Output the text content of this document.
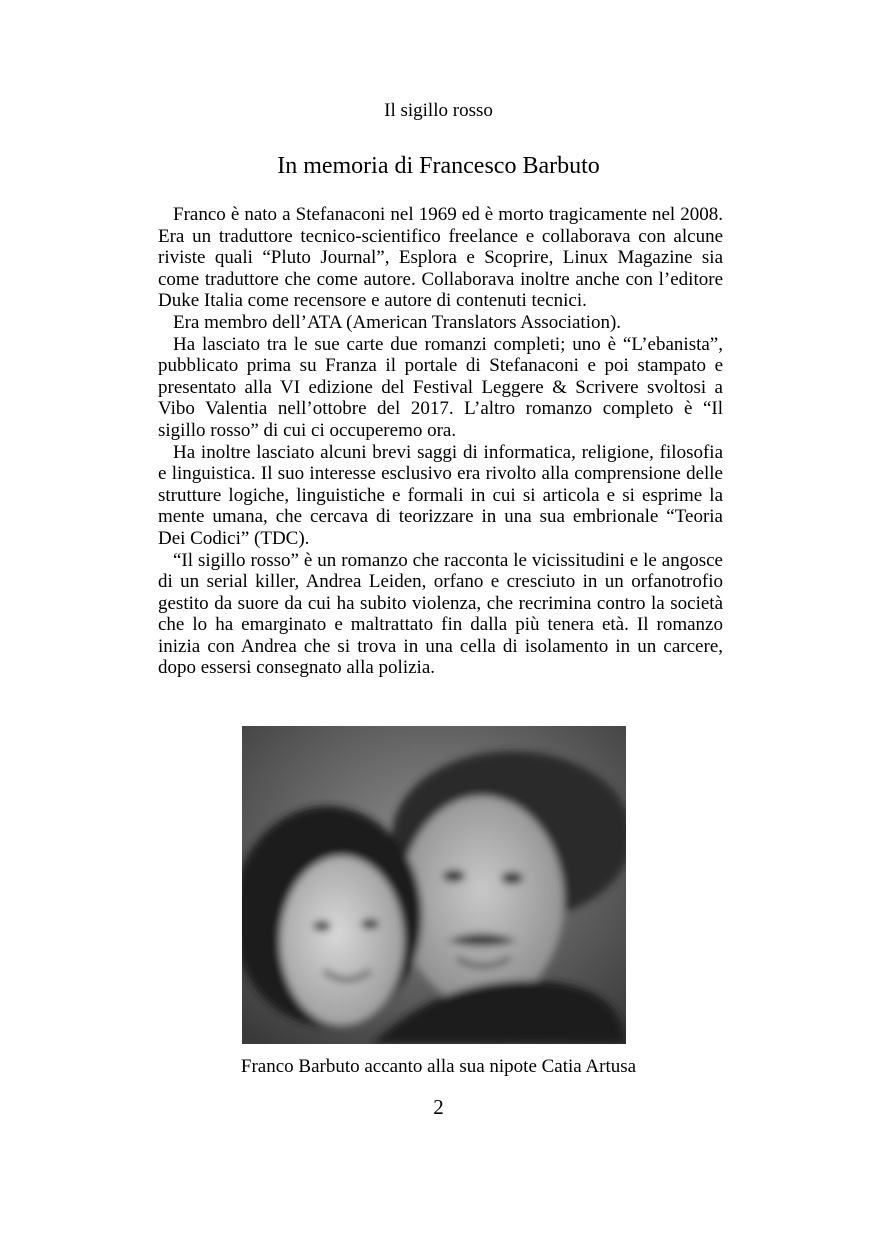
Il sigillo rosso
In memoria di Francesco Barbuto

Franco è nato a Stefanaconi nel 1969 ed è morto tragicamente nel 2008. Era un traduttore tecnico-scientifico freelance e collaborava con alcune riviste quali “Pluto Journal”, Esplora e Scoprire, Linux Magazine sia come traduttore che come autore. Collaborava inoltre anche con l’editore Duke Italia come recensore e autore di contenuti tecnici.

Era membro dell’ATA (American Translators Association).

Ha lasciato tra le sue carte due romanzi completi; uno è “L’ebanista”, pubblicato prima su Franza il portale di Stefanaconi e poi stampato e presentato alla VI edizione del Festival Leggere & Scrivere svoltosi a Vibo Valentia nell’ottobre del 2017. L’altro romanzo completo è “Il sigillo rosso” di cui ci occuperemo ora.

Ha inoltre lasciato alcuni brevi saggi di informatica, religione, filosofia e linguistica. Il suo interesse esclusivo era rivolto alla comprensione delle strutture logiche, linguistiche e formali in cui si articola e si esprime la mente umana, che cercava di teorizzare in una sua embrionale “Teoria Dei Codici” (TDC).

“Il sigillo rosso” è un romanzo che racconta le vicissitudini e le angosce di un serial killer, Andrea Leiden, orfano e cresciuto in un orfanotrofio gestito da suore da cui ha subito violenza, che recrimina contro la società che lo ha emarginato e maltrattato fin dalla più tenera età. Il romanzo inizia con Andrea che si trova in una cella di isolamento in un carcere, dopo essersi consegnato alla polizia.

Franco Barbuto accanto alla sua nipote Catia Artusa
2
